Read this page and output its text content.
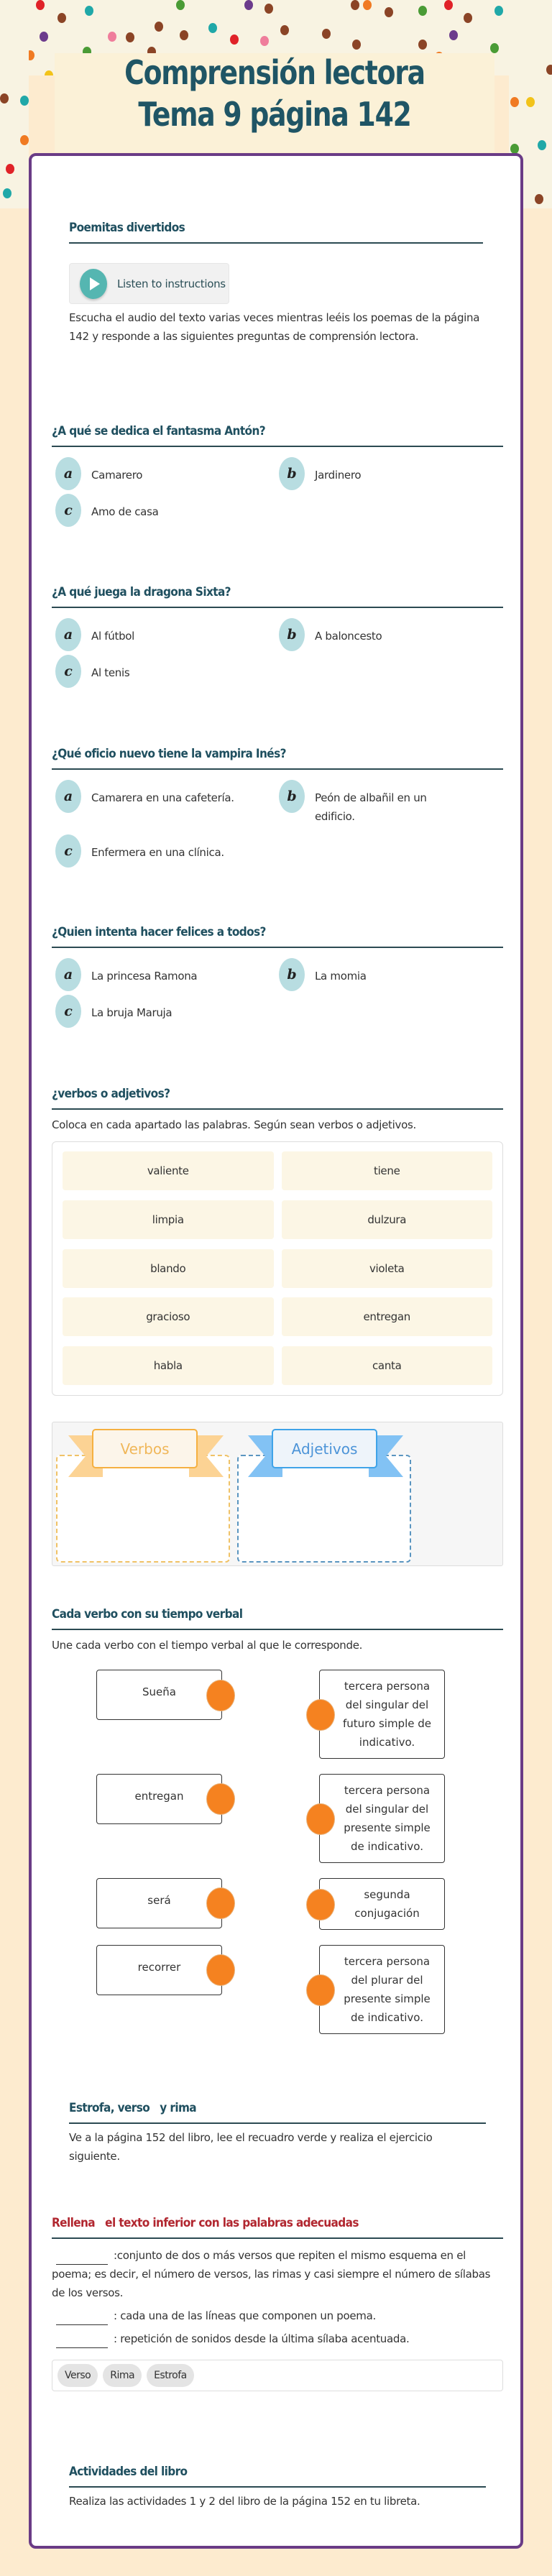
Comprensión lectora Tema 9 página 142
Poemitas divertidos
Listen to instructions

Escucha el audio del texto varias veces mientras leéis los poemas de la página 142 y responde a las siguientes preguntas de comprensión lectora.

¿A qué se dedica el fantasma Antón?
a	Camarero	b	Jardinero
c	Amo de casa
¿A qué juega la dragona Sixta?
a	Al fútbol	b	A baloncesto
c	Al tenis
¿Qué oficio nuevo tiene la vampira Inés?
a	Camarera en una cafetería.	b	Peón de albañil en un edificio.
c	Enfermera en una clínica.
¿Quien intenta hacer felices a todos?
a	La princesa Ramona	b	La momia
c	La bruja Maruja
¿verbos o adjetivos?

Coloca en cada apartado las palabras. Según sean verbos o adjetivos.

valiente	tiene
limpia	dulzura
blando	violeta
gracioso	entregan
habla	canta
Verbos	Adjetivos
Cada verbo con su tiempo verbal

Une cada verbo con el tiempo verbal al que le corresponde.

Sueña	tercera persona del singular del futuro simple de indicativo.
entregan	tercera persona del singular del presente simple de indicativo.
será	segunda conjugación
recorrer	tercera persona del plurar del presente simple de indicativo.
Estrofa, verso   y rima

Ve a la página 152 del libro, lee el recuadro verde y realiza el ejercicio siguiente.

Rellena   el texto inferior con las palabras adecuadas

:conjunto de dos o más versos que repiten el mismo esquema en el poema; es decir, el número de versos, las rimas y casi siempre el número de sílabas de los versos.

: cada una de las líneas que componen un poema.

: repetición de sonidos desde la última sílaba acentuada.

Verso	Rima	Estrofa
Actividades del libro

Realiza las actividades 1 y 2 del libro de la página 152 en tu libreta.
